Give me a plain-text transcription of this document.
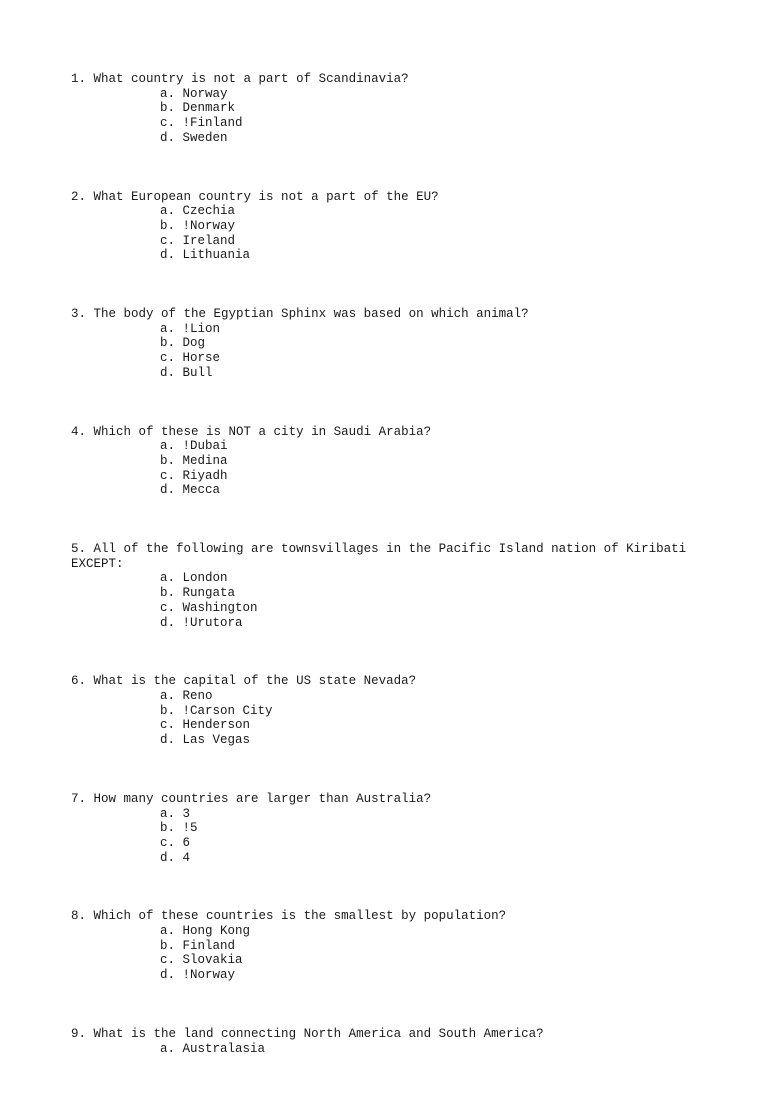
1. What country is not a part of Scandinavia?

a. Norway
b. Denmark
c. !Finland
d. Sweden

2. What European country is not a part of the EU?

a. Czechia
b. !Norway
c. Ireland
d. Lithuania

3. The body of the Egyptian Sphinx was based on which animal?

a. !Lion
b. Dog
c. Horse
d. Bull

4. Which of these is NOT a city in Saudi Arabia?

a. !Dubai
b. Medina
c. Riyadh
d. Mecca

5. All of the following are townsvillages in the Pacific Island nation of Kiribati EXCEPT:

a. London
b. Rungata
c. Washington
d. !Urutora

6. What is the capital of the US state Nevada?

a. Reno
b. !Carson City
c. Henderson
d. Las Vegas

7. How many countries are larger than Australia?

a. 3
b. !5
c. 6
d. 4

8. Which of these countries is the smallest by population?

a. Hong Kong
b. Finland
c. Slovakia
d. !Norway

9. What is the land connecting North America and South America?

a. Australasia
